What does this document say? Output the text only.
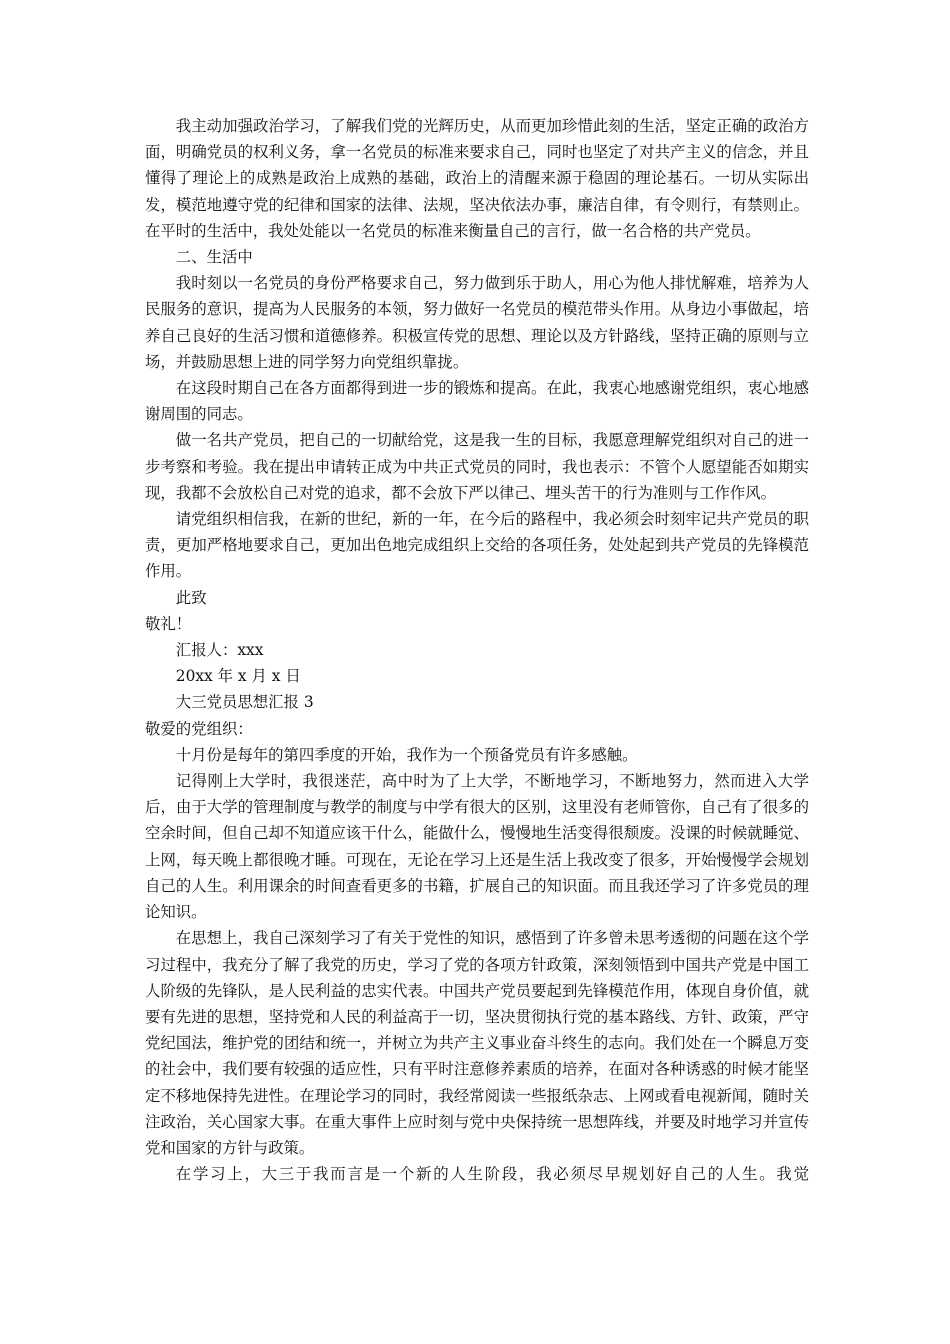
我主动加强政治学习，了解我们党的光辉历史，从而更加珍惜此刻的生活，坚定正确的政治方面，明确党员的权利义务，拿一名党员的标准来要求自己，同时也坚定了对共产主义的信念，并且懂得了理论上的成熟是政治上成熟的基础，政治上的清醒来源于稳固的理论基石。一切从实际出发，模范地遵守党的纪律和国家的法律、法规，坚决依法办事，廉洁自律，有令则行，有禁则止。在平时的生活中，我处处能以一名党员的标准来衡量自己的言行，做一名合格的共产党员。

二、生活中

我时刻以一名党员的身份严格要求自己，努力做到乐于助人，用心为他人排忧解难，培养为人民服务的意识，提高为人民服务的本领，努力做好一名党员的模范带头作用。从身边小事做起，培养自己良好的生活习惯和道德修养。积极宣传党的思想、理论以及方针路线，坚持正确的原则与立场，并鼓励思想上进的同学努力向党组织靠拢。

在这段时期自己在各方面都得到进一步的锻炼和提高。在此，我衷心地感谢党组织，衷心地感谢周围的同志。

做一名共产党员，把自己的一切献给党，这是我一生的目标，我愿意理解党组织对自己的进一步考察和考验。我在提出申请转正成为中共正式党员的同时，我也表示：不管个人愿望能否如期实现，我都不会放松自己对党的追求，都不会放下严以律己、埋头苦干的行为准则与工作作风。

请党组织相信我，在新的世纪，新的一年，在今后的路程中，我必须会时刻牢记共产党员的职责，更加严格地要求自己，更加出色地完成组织上交给的各项任务，处处起到共产党员的先锋模范作用。

此致

敬礼！

汇报人：xxx

20xx 年 x 月 x 日

大三党员思想汇报 3

敬爱的党组织：

十月份是每年的第四季度的开始，我作为一个预备党员有许多感触。

记得刚上大学时，我很迷茫，高中时为了上大学，不断地学习，不断地努力，然而进入大学后，由于大学的管理制度与教学的制度与中学有很大的区别，这里没有老师管你，自己有了很多的空余时间，但自己却不知道应该干什么，能做什么，慢慢地生活变得很颓废。没课的时候就睡觉、上网，每天晚上都很晚才睡。可现在，无论在学习上还是生活上我改变了很多，开始慢慢学会规划自己的人生。利用课余的时间查看更多的书籍，扩展自己的知识面。而且我还学习了许多党员的理论知识。

在思想上，我自己深刻学习了有关于党性的知识，感悟到了许多曾未思考透彻的问题在这个学习过程中，我充分了解了我党的历史，学习了党的各项方针政策，深刻领悟到中国共产党是中国工人阶级的先锋队，是人民利益的忠实代表。中国共产党员要起到先锋模范作用，体现自身价值，就要有先进的思想，坚持党和人民的利益高于一切，坚决贯彻执行党的基本路线、方针、政策，严守党纪国法，维护党的团结和统一，并树立为共产主义事业奋斗终生的志向。我们处在一个瞬息万变的社会中，我们要有较强的适应性，只有平时注意修养素质的培养，在面对各种诱惑的时候才能坚定不移地保持先进性。在理论学习的同时，我经常阅读一些报纸杂志、上网或看电视新闻，随时关注政治，关心国家大事。在重大事件上应时刻与党中央保持统一思想阵线，并要及时地学习并宣传党和国家的方针与政策。

在学习上，大三于我而言是一个新的人生阶段，我必须尽早规划好自己的人生。我觉
